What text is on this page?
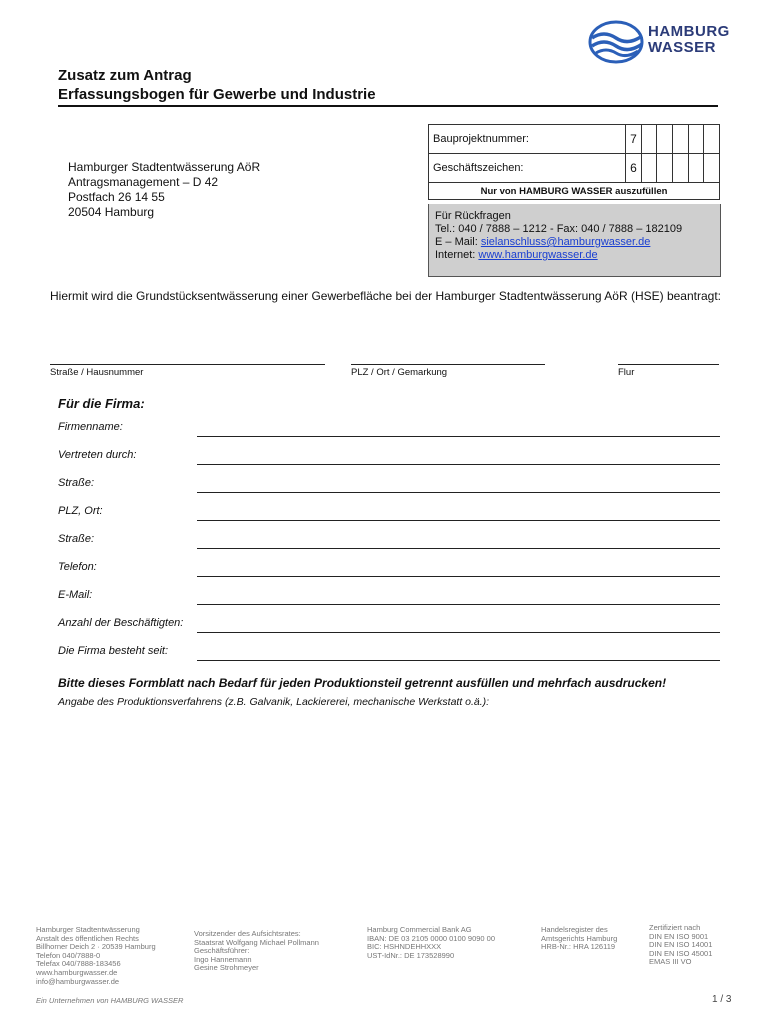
HAMBURG
WASSER
Zusatz zum Antrag
Erfassungsbogen für Gewerbe und Industrie
Hamburger Stadtentwässerung AöR
Antragsmanagement – D 42
Postfach 26 14 55
20504 Hamburg
Bauprojektnummer:	7					
Geschäftszeichen:	6					
Nur von HAMBURG WASSER auszufüllen						
Für Rückfragen
Tel.: 040 / 7888 – 1212 - Fax: 040 / 7888 – 182109
E – Mail: sielanschluss@hamburgwasser.de
Internet: www.hamburgwasser.de
Hiermit wird die Grundstücksentwässerung einer Gewerbefläche bei der Hamburger Stadtentwässerung AöR (HSE) beantragt:
Straße / Hausnummer	PLZ / Ort / Gemarkung	Flur
Für die Firma:
Firmenname:
Vertreten durch:
Straße:
PLZ, Ort:
Straße:
Telefon:
E-Mail:
Anzahl der Beschäftigten:
Die Firma besteht seit:
Bitte dieses Formblatt nach Bedarf für jeden Produktionsteil getrennt ausfüllen und mehrfach ausdrucken!
Angabe des Produktionsverfahrens (z.B. Galvanik, Lackiererei, mechanische Werkstatt o.ä.):
Hamburger Stadtentwässerung
Anstalt des öffentlichen Rechts
Billhorner Deich 2 · 20539 Hamburg
Telefon 040/7888-0
Telefax 040/7888-183456
www.hamburgwasser.de
info@hamburgwasser.de
Vorsitzender des Aufsichtsrates:
Staatsrat Wolfgang Michael Pollmann
Geschäftsführer:
Ingo Hannemann
Gesine Strohmeyer
Hamburg Commercial Bank AG
IBAN: DE 03 2105 0000 0100 9090 00
BIC: HSHNDEHHXXX
UST-IdNr.: DE 173528990
Handelsregister des
Amtsgerichts Hamburg
HRB-Nr.: HRA 126119
Zertifiziert nach
DIN EN ISO 9001
DIN EN ISO 14001
DIN EN ISO 45001
EMAS III VO
Ein Unternehmen von HAMBURG WASSER	1 / 3
